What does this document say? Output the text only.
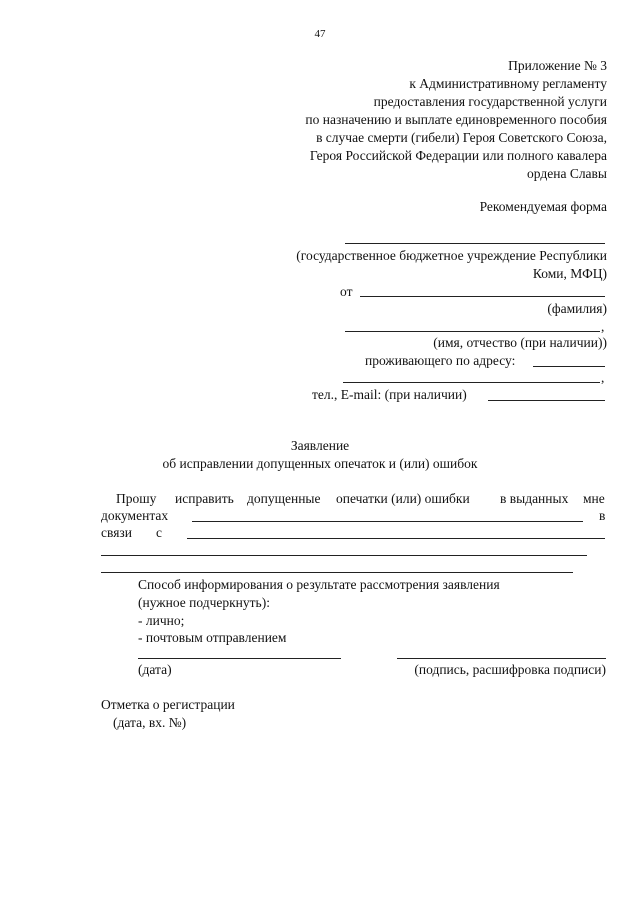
47
Приложение № 3
к Административному регламенту
предоставления государственной услуги
по назначению и выплате единовременного пособия
в случае смерти (гибели) Героя Советского Союза,
Героя Российской Федерации или полного кавалера
ордена Славы
Рекомендуемая форма
(государственное бюджетное учреждение Республики
Коми, МФЦ)
от
(фамилия)
,
(имя, отчество (при наличии))
проживающего по адресу:
,
тел., E-mail: (при наличии)
Заявление
об исправлении допущенных опечаток и (или) ошибок
Прошу исправить допущенные опечатки (или) ошибки в выданных мне
документах	в
связи с
Способ информирования о результате рассмотрения заявления
(нужное подчеркнуть):
- лично;
- почтовым отправлением
(дата)	(подпись, расшифровка подписи)
Отметка о регистрации
(дата, вх. №)
